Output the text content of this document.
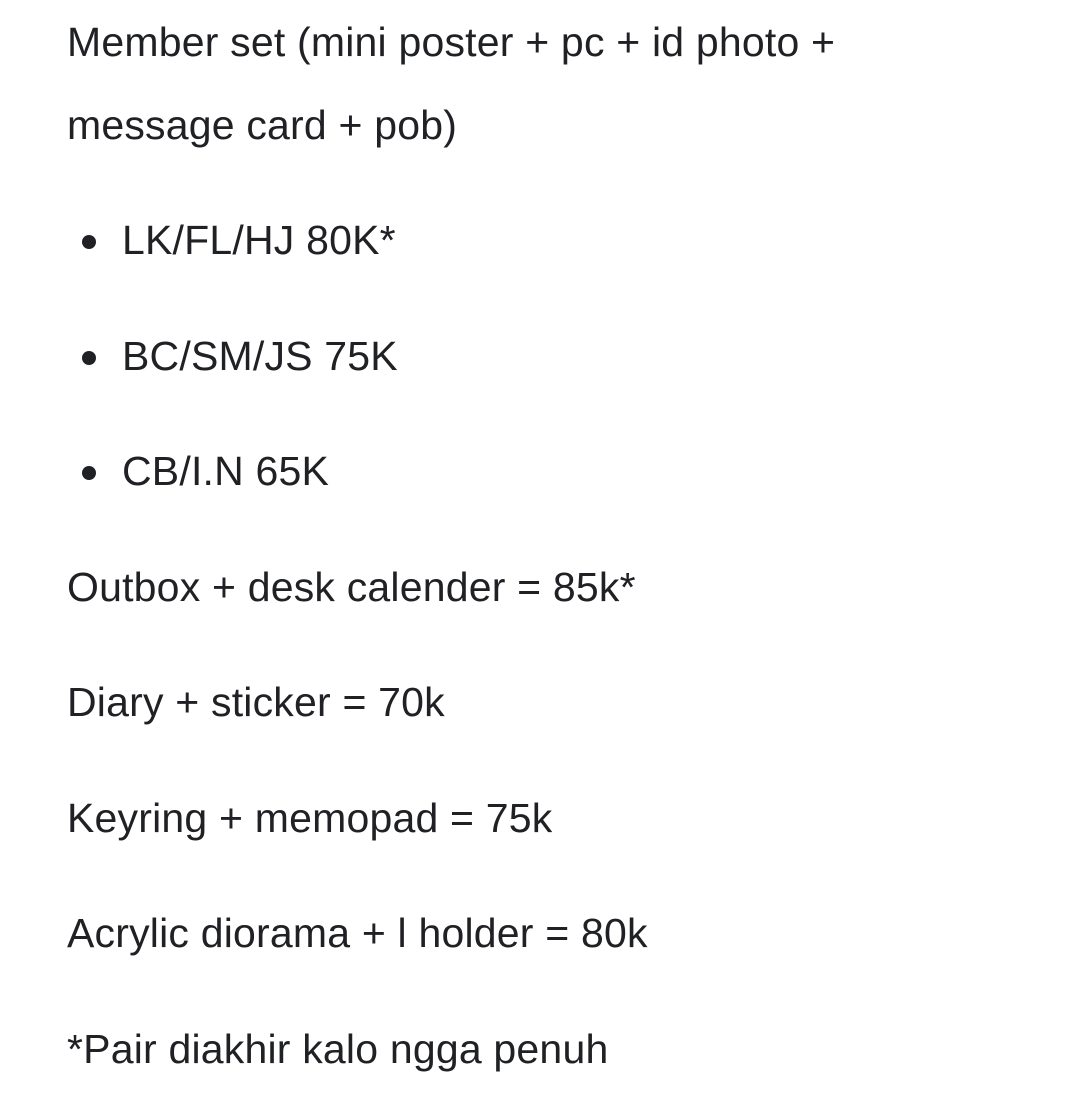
Member set (mini poster + pc + id photo +
message card + pob)
LK/FL/HJ 80K*
BC/SM/JS 75K
CB/I.N 65K
Outbox + desk calender = 85k*
Diary + sticker = 70k
Keyring + memopad = 75k
Acrylic diorama + l holder = 80k
*Pair diakhir kalo ngga penuh
